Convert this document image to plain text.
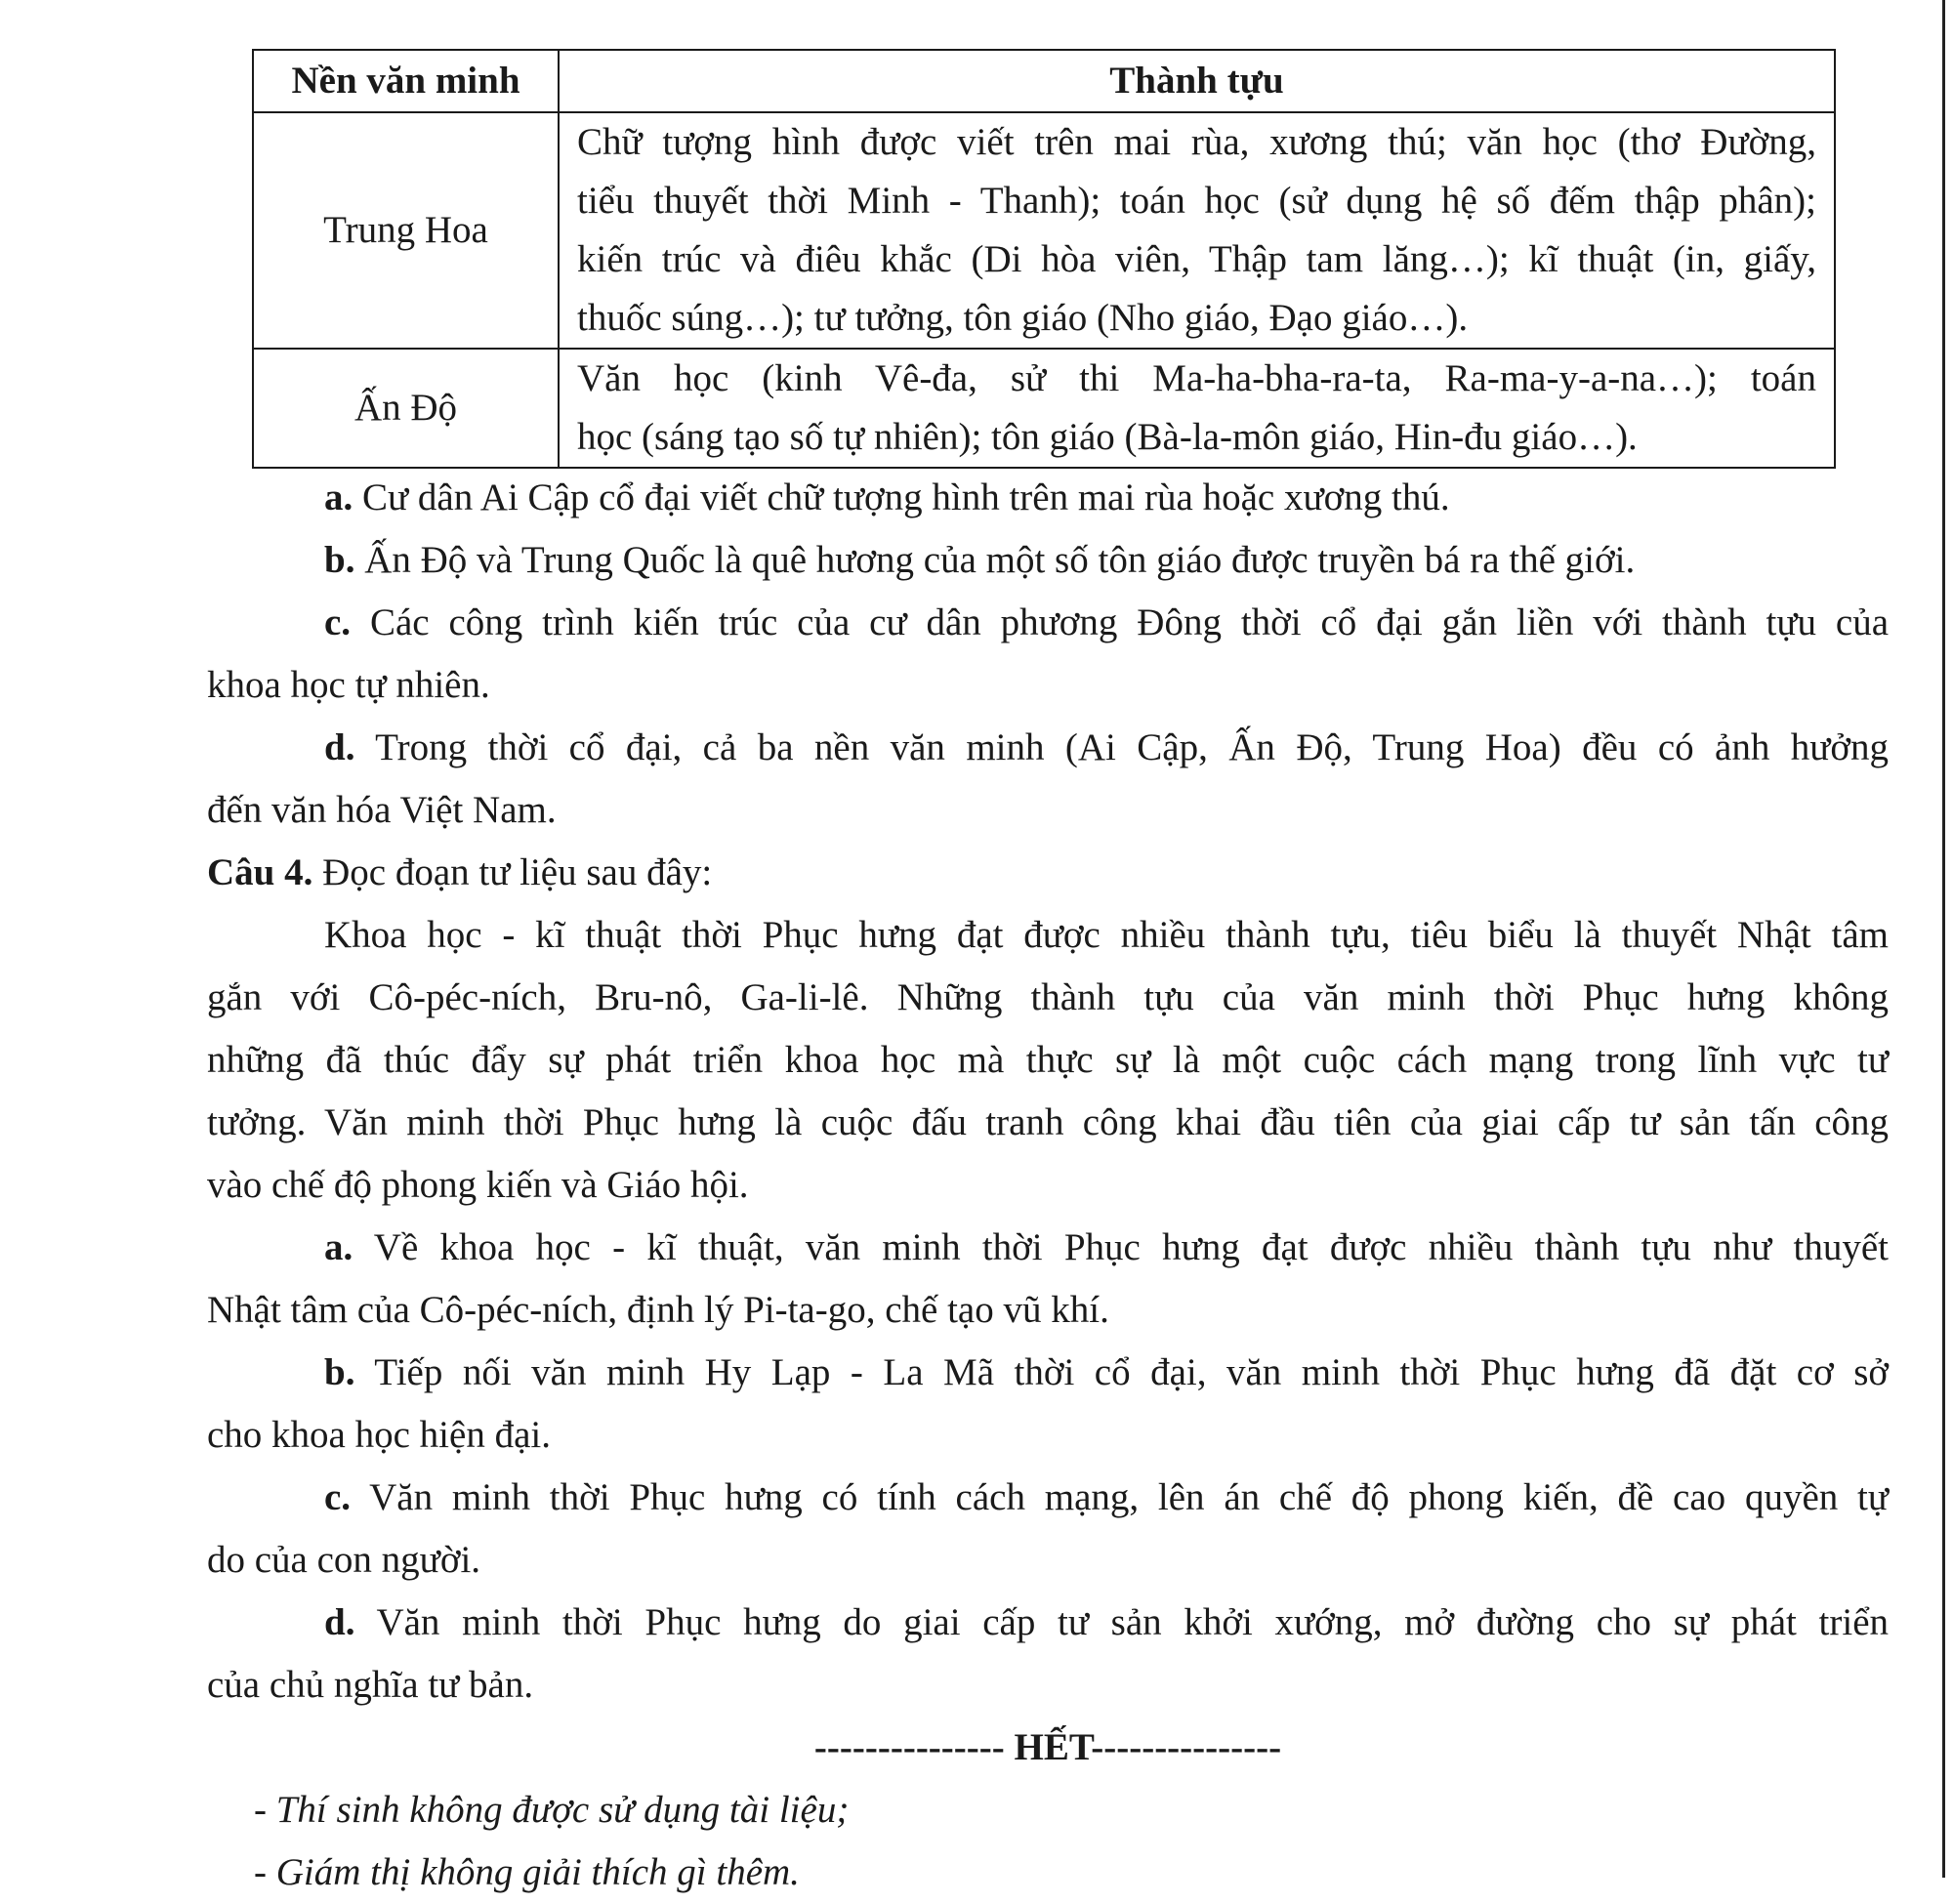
Nền văn minh	Thành tựu
Trung Hoa	Chữ tượng hình được viết trên mai rùa, xương thú; văn học (thơ Đường,
tiểu thuyết thời Minh - Thanh); toán học (sử dụng hệ số đếm thập phân);
kiến trúc và điêu khắc (Di hòa viên, Thập tam lăng…); kĩ thuật (in, giấy,
thuốc súng…); tư tưởng, tôn giáo (Nho giáo, Đạo giáo…).

Ấn Độ	Văn học (kinh Vê-đa, sử thi Ma-ha-bha-ra-ta, Ra-ma-y-a-na…); toán
học (sáng tạo số tự nhiên); tôn giáo (Bà-la-môn giáo, Hin-đu giáo…).
a. Cư dân Ai Cập cổ đại viết chữ tượng hình trên mai rùa hoặc xương thú.
b. Ấn Độ và Trung Quốc là quê hương của một số tôn giáo được truyền bá ra thế giới.
c. Các công trình kiến trúc của cư dân phương Đông thời cổ đại gắn liền với thành tựu của
khoa học tự nhiên.
d. Trong thời cổ đại, cả ba nền văn minh (Ai Cập, Ấn Độ, Trung Hoa) đều có ảnh hưởng
đến văn hóa Việt Nam.
Câu 4. Đọc đoạn tư liệu sau đây:
Khoa học - kĩ thuật thời Phục hưng đạt được nhiều thành tựu, tiêu biểu là thuyết Nhật tâm
gắn với Cô-péc-ních, Bru-nô, Ga-li-lê. Những thành tựu của văn minh thời Phục hưng không
những đã thúc đẩy sự phát triển khoa học mà thực sự là một cuộc cách mạng trong lĩnh vực tư
tưởng. Văn minh thời Phục hưng là cuộc đấu tranh công khai đầu tiên của giai cấp tư sản tấn công
vào chế độ phong kiến và Giáo hội.
a. Về khoa học - kĩ thuật, văn minh thời Phục hưng đạt được nhiều thành tựu như thuyết
Nhật tâm của Cô-péc-ních, định lý Pi-ta-go, chế tạo vũ khí.
b. Tiếp nối văn minh Hy Lạp - La Mã thời cổ đại, văn minh thời Phục hưng đã đặt cơ sở
cho khoa học hiện đại.
c. Văn minh thời Phục hưng có tính cách mạng, lên án chế độ phong kiến, đề cao quyền tự
do của con người.
d. Văn minh thời Phục hưng do giai cấp tư sản khởi xướng, mở đường cho sự phát triển
của chủ nghĩa tư bản.
--------------- HẾT---------------
- Thí sinh không được sử dụng tài liệu;
- Giám thị không giải thích gì thêm.
